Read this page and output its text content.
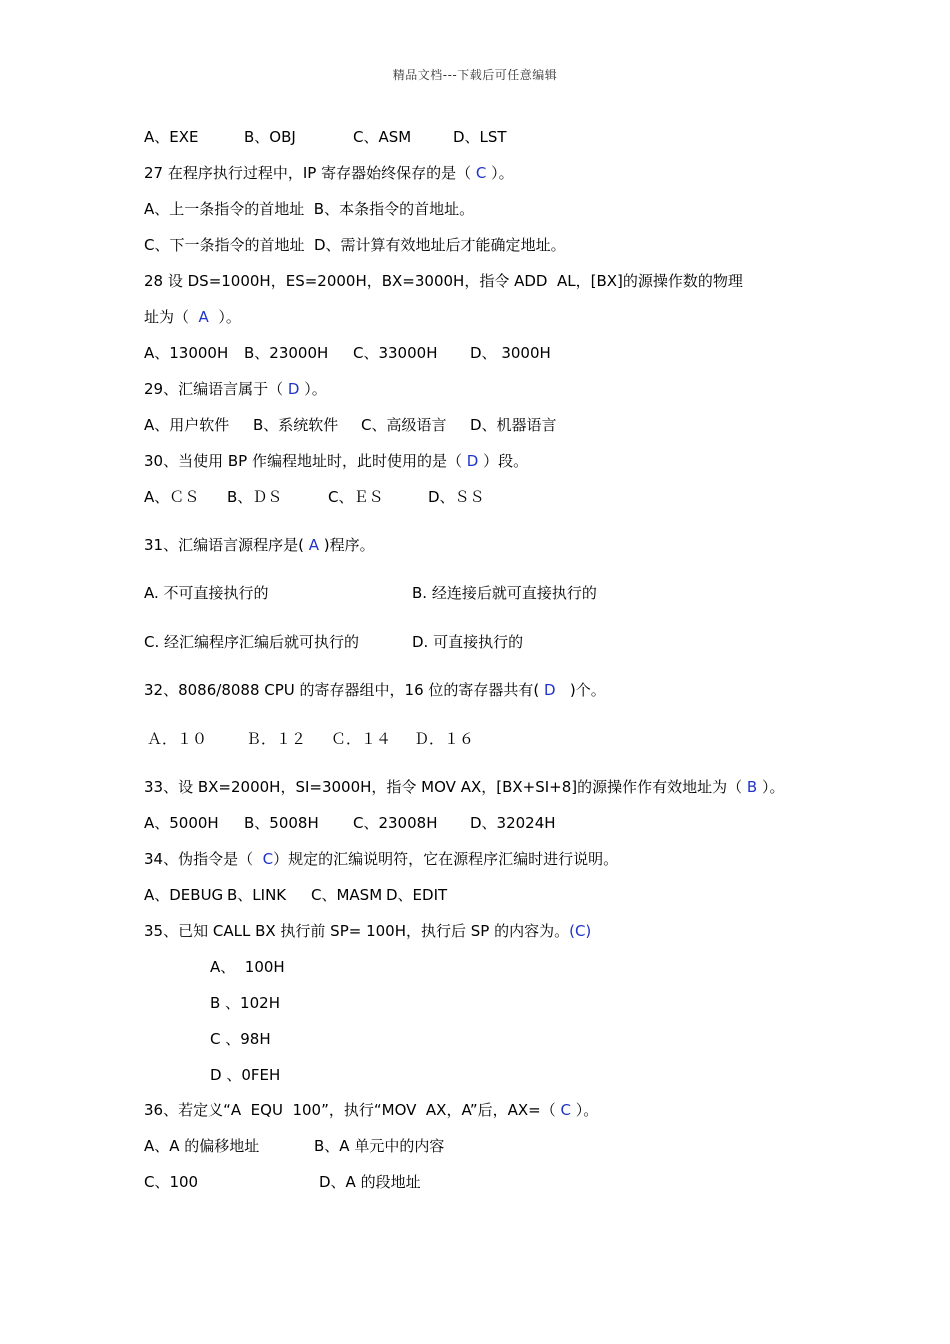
精品文档---下载后可任意编辑

A、EXE

	B、OBJ

	C、ASM

	D、LST

27 在程序执行过程中，IP 寄存器始终保存的是（ C ）。
A、上一条指令的首地址  B、本条指令的首地址。
C、下一条指令的首地址  D、需计算有效地址后才能确定地址。
28 设 DS=1000H，ES=2000H，BX=3000H，指令 ADD  AL，[BX]的源操作数的物理
址为（  A  ）。

A、13000H

B、23000H

C、33000H

D、 3000H

29、汇编语言属于（ D ）。

A、用户软件

B、系统软件

C、高级语言

D、机器语言

30、当使用 BP 作编程地址时，此时使用的是（ D ）段。

A、ＣＳ

B、ＤＳ

	C、ＥＳ

	D、ＳＳ

31、汇编语言源程序是( A )程序。

A. 不可直接执行的

	B. 经连接后就可直接执行的

C. 经汇编程序汇编后就可执行的

	D. 可直接执行的

32、8086/8088 CPU 的寄存器组中，16 位的寄存器共有( D   )个。

Ａ．１０

	Ｂ．１２

Ｃ．１４

Ｄ．１６

33、设 BX=2000H，SI=3000H，指令 MOV AX，[BX+SI+8]的源操作作有效地址为（ B ）。

A、5000H

B、5008H

C、23008H

D、32024H

34、伪指令是（  C）规定的汇编说明符，它在源程序汇编时进行说明。

A、DEBUG

B、LINK

C、MASM

D、EDIT

35、已知 CALL BX 执行前 SP= 100H，执行后 SP 的内容为。(C)
A、  100H
B 、102H
C 、98H
D 、0FEH
36、若定义“A  EQU  100”，执行“MOV  AX，A”后，AX=（ C ）。

A、A 的偏移地址

	B、A 单元中的内容

C、100

	D、A 的段地址
